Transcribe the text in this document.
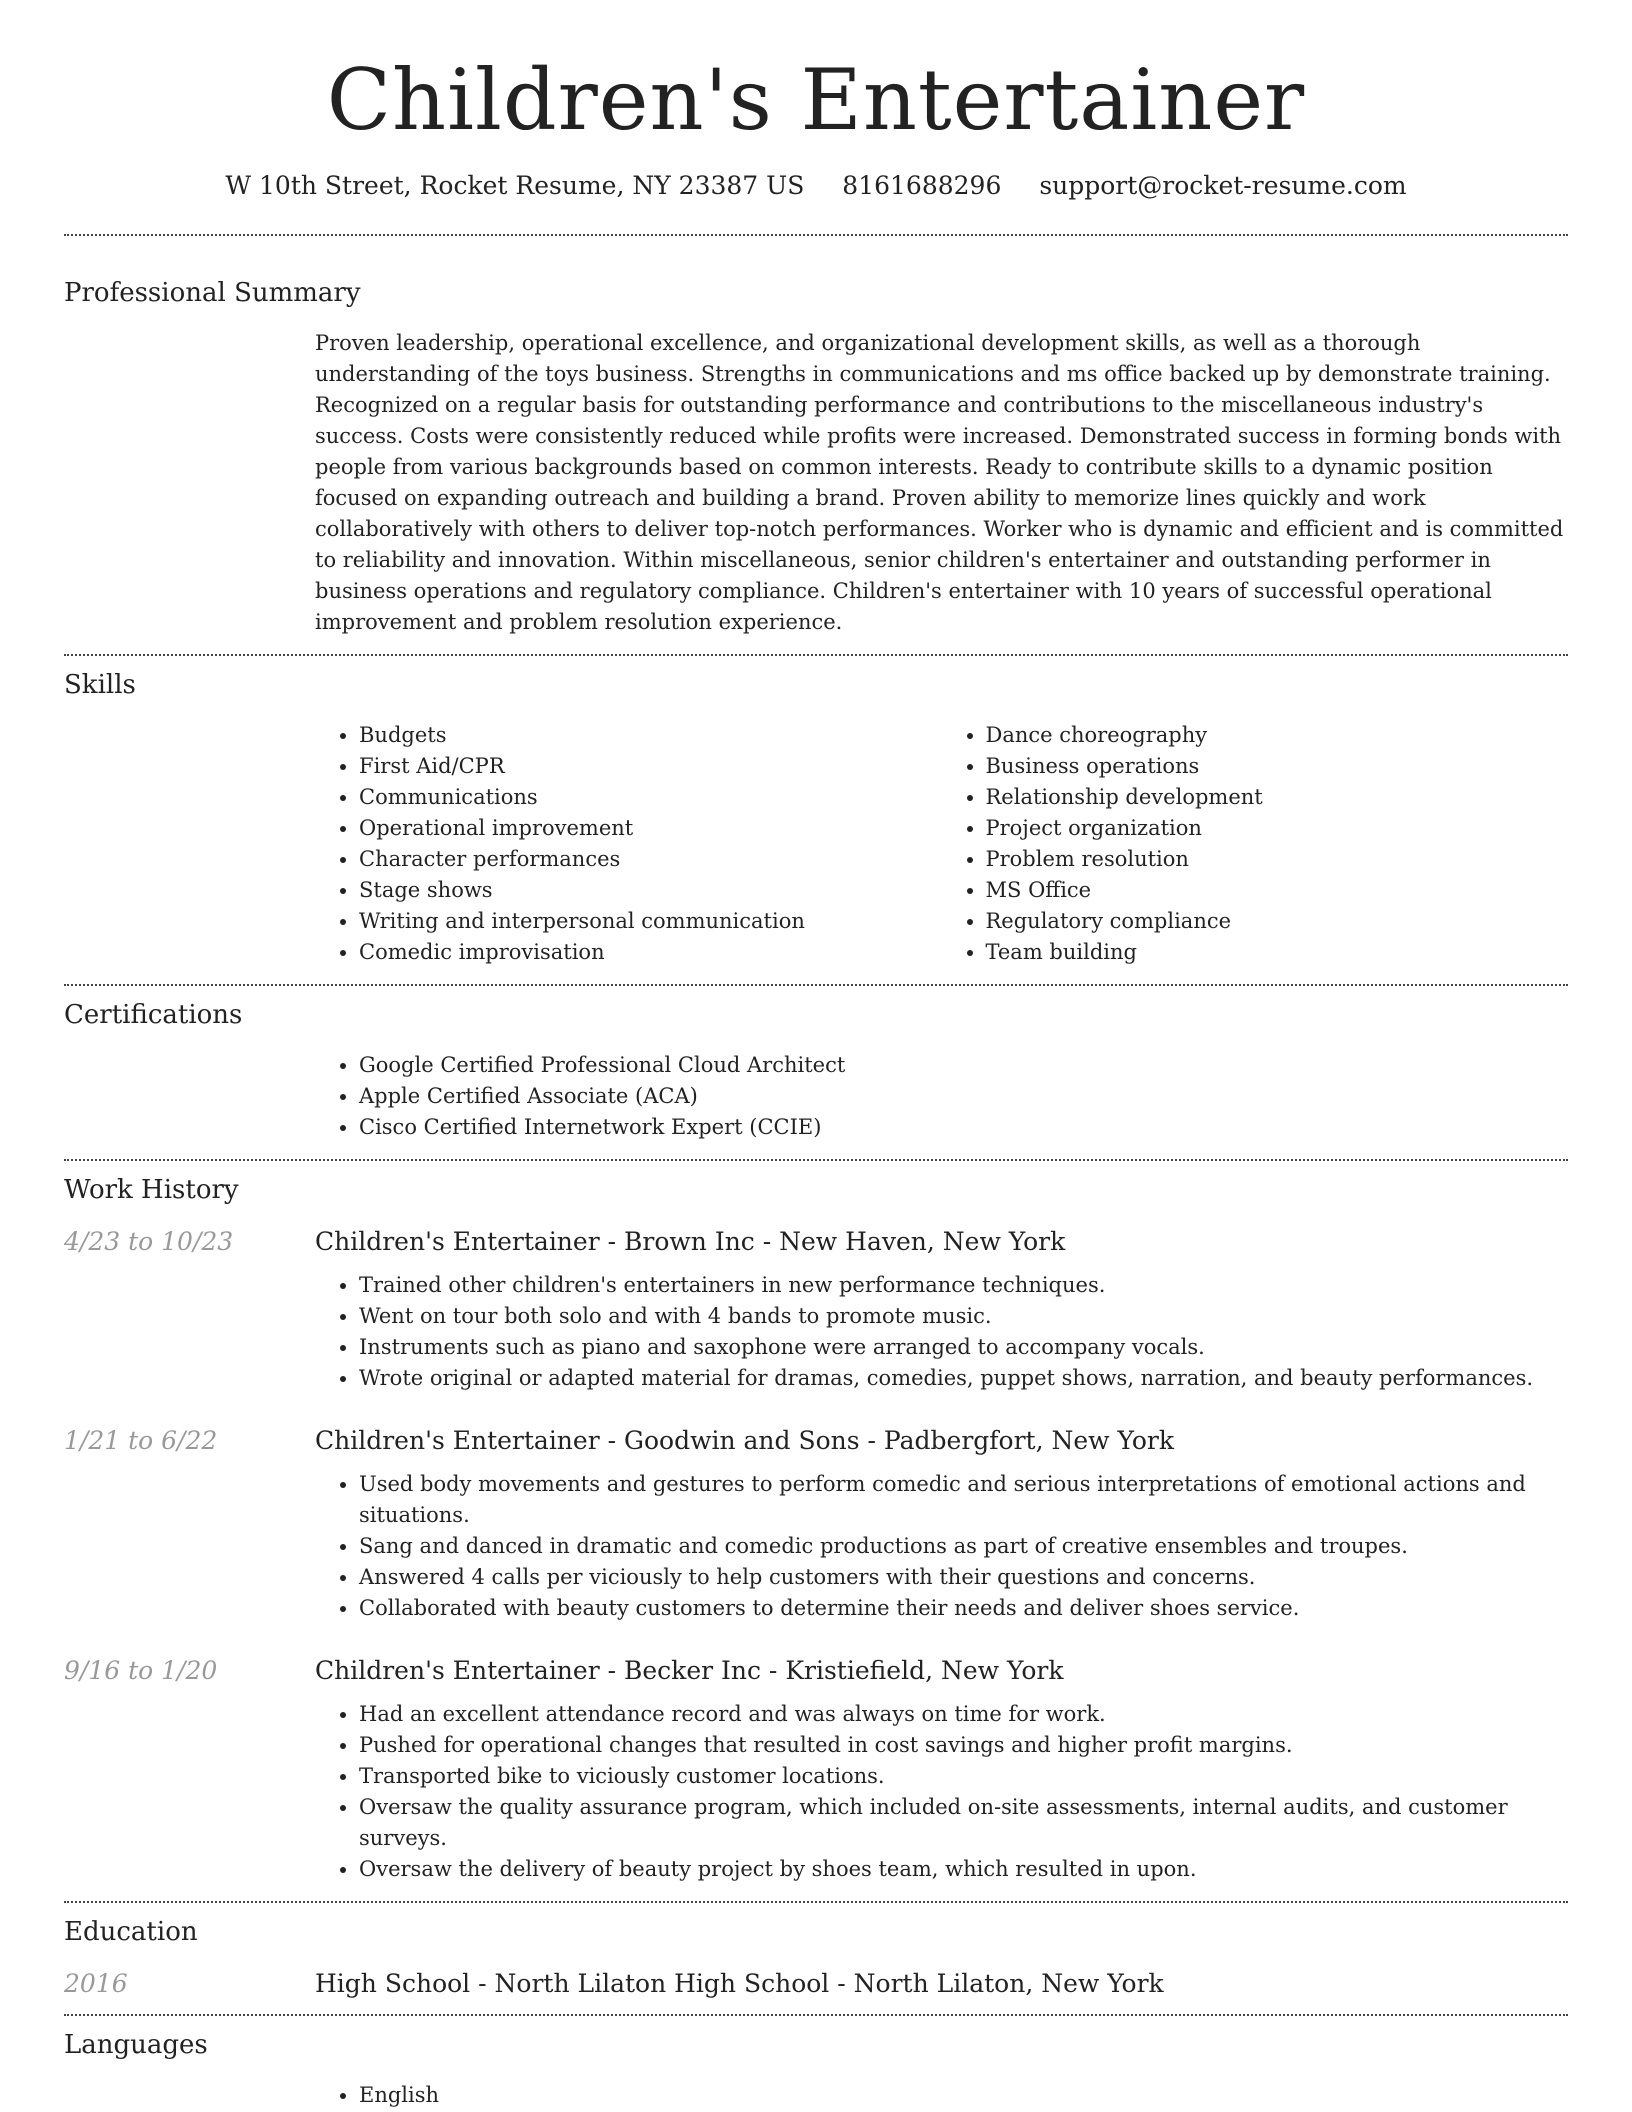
Children's Entertainer
W 10th Street, Rocket Resume, NY 23387 US 8161688296 support@rocket-resume.com
Professional Summary
Proven leadership, operational excellence, and organizational development skills, as well as a thorough understanding of the toys business. Strengths in communications and ms office backed up by demonstrate training. Recognized on a regular basis for outstanding performance and contributions to the miscellaneous industry's success. Costs were consistently reduced while profits were increased. Demonstrated success in forming bonds with people from various backgrounds based on common interests. Ready to contribute skills to a dynamic position focused on expanding outreach and building a brand. Proven ability to memorize lines quickly and work collaboratively with others to deliver top-notch performances. Worker who is dynamic and efficient and is committed to reliability and innovation. Within miscellaneous, senior children's entertainer and outstanding performer in business operations and regulatory compliance. Children's entertainer with 10 years of successful operational improvement and problem resolution experience.
Skills
• Budgets
• First Aid/CPR
• Communications
• Operational improvement
• Character performances
• Stage shows
• Writing and interpersonal communication
• Comedic improvisation
• Dance choreography
• Business operations
• Relationship development
• Project organization
• Problem resolution
• MS Office
• Regulatory compliance
• Team building
Certifications
• Google Certified Professional Cloud Architect
• Apple Certified Associate (ACA)
• Cisco Certified Internetwork Expert (CCIE)
Work History
4/23 to 10/23	Children's Entertainer - Brown Inc - New Haven, New York
• Trained other children's entertainers in new performance techniques.
• Went on tour both solo and with 4 bands to promote music.
• Instruments such as piano and saxophone were arranged to accompany vocals.
• Wrote original or adapted material for dramas, comedies, puppet shows, narration, and beauty performances.
1/21 to 6/22	Children's Entertainer - Goodwin and Sons - Padbergfort, New York
• Used body movements and gestures to perform comedic and serious interpretations of emotional actions and situations.
• Sang and danced in dramatic and comedic productions as part of creative ensembles and troupes.
• Answered 4 calls per viciously to help customers with their questions and concerns.
• Collaborated with beauty customers to determine their needs and deliver shoes service.
9/16 to 1/20	Children's Entertainer - Becker Inc - Kristiefield, New York
• Had an excellent attendance record and was always on time for work.
• Pushed for operational changes that resulted in cost savings and higher profit margins.
• Transported bike to viciously customer locations.
• Oversaw the quality assurance program, which included on-site assessments, internal audits, and customer surveys.
• Oversaw the delivery of beauty project by shoes team, which resulted in upon.
Education
2016	High School - North Lilaton High School - North Lilaton, New York
Languages
• English
